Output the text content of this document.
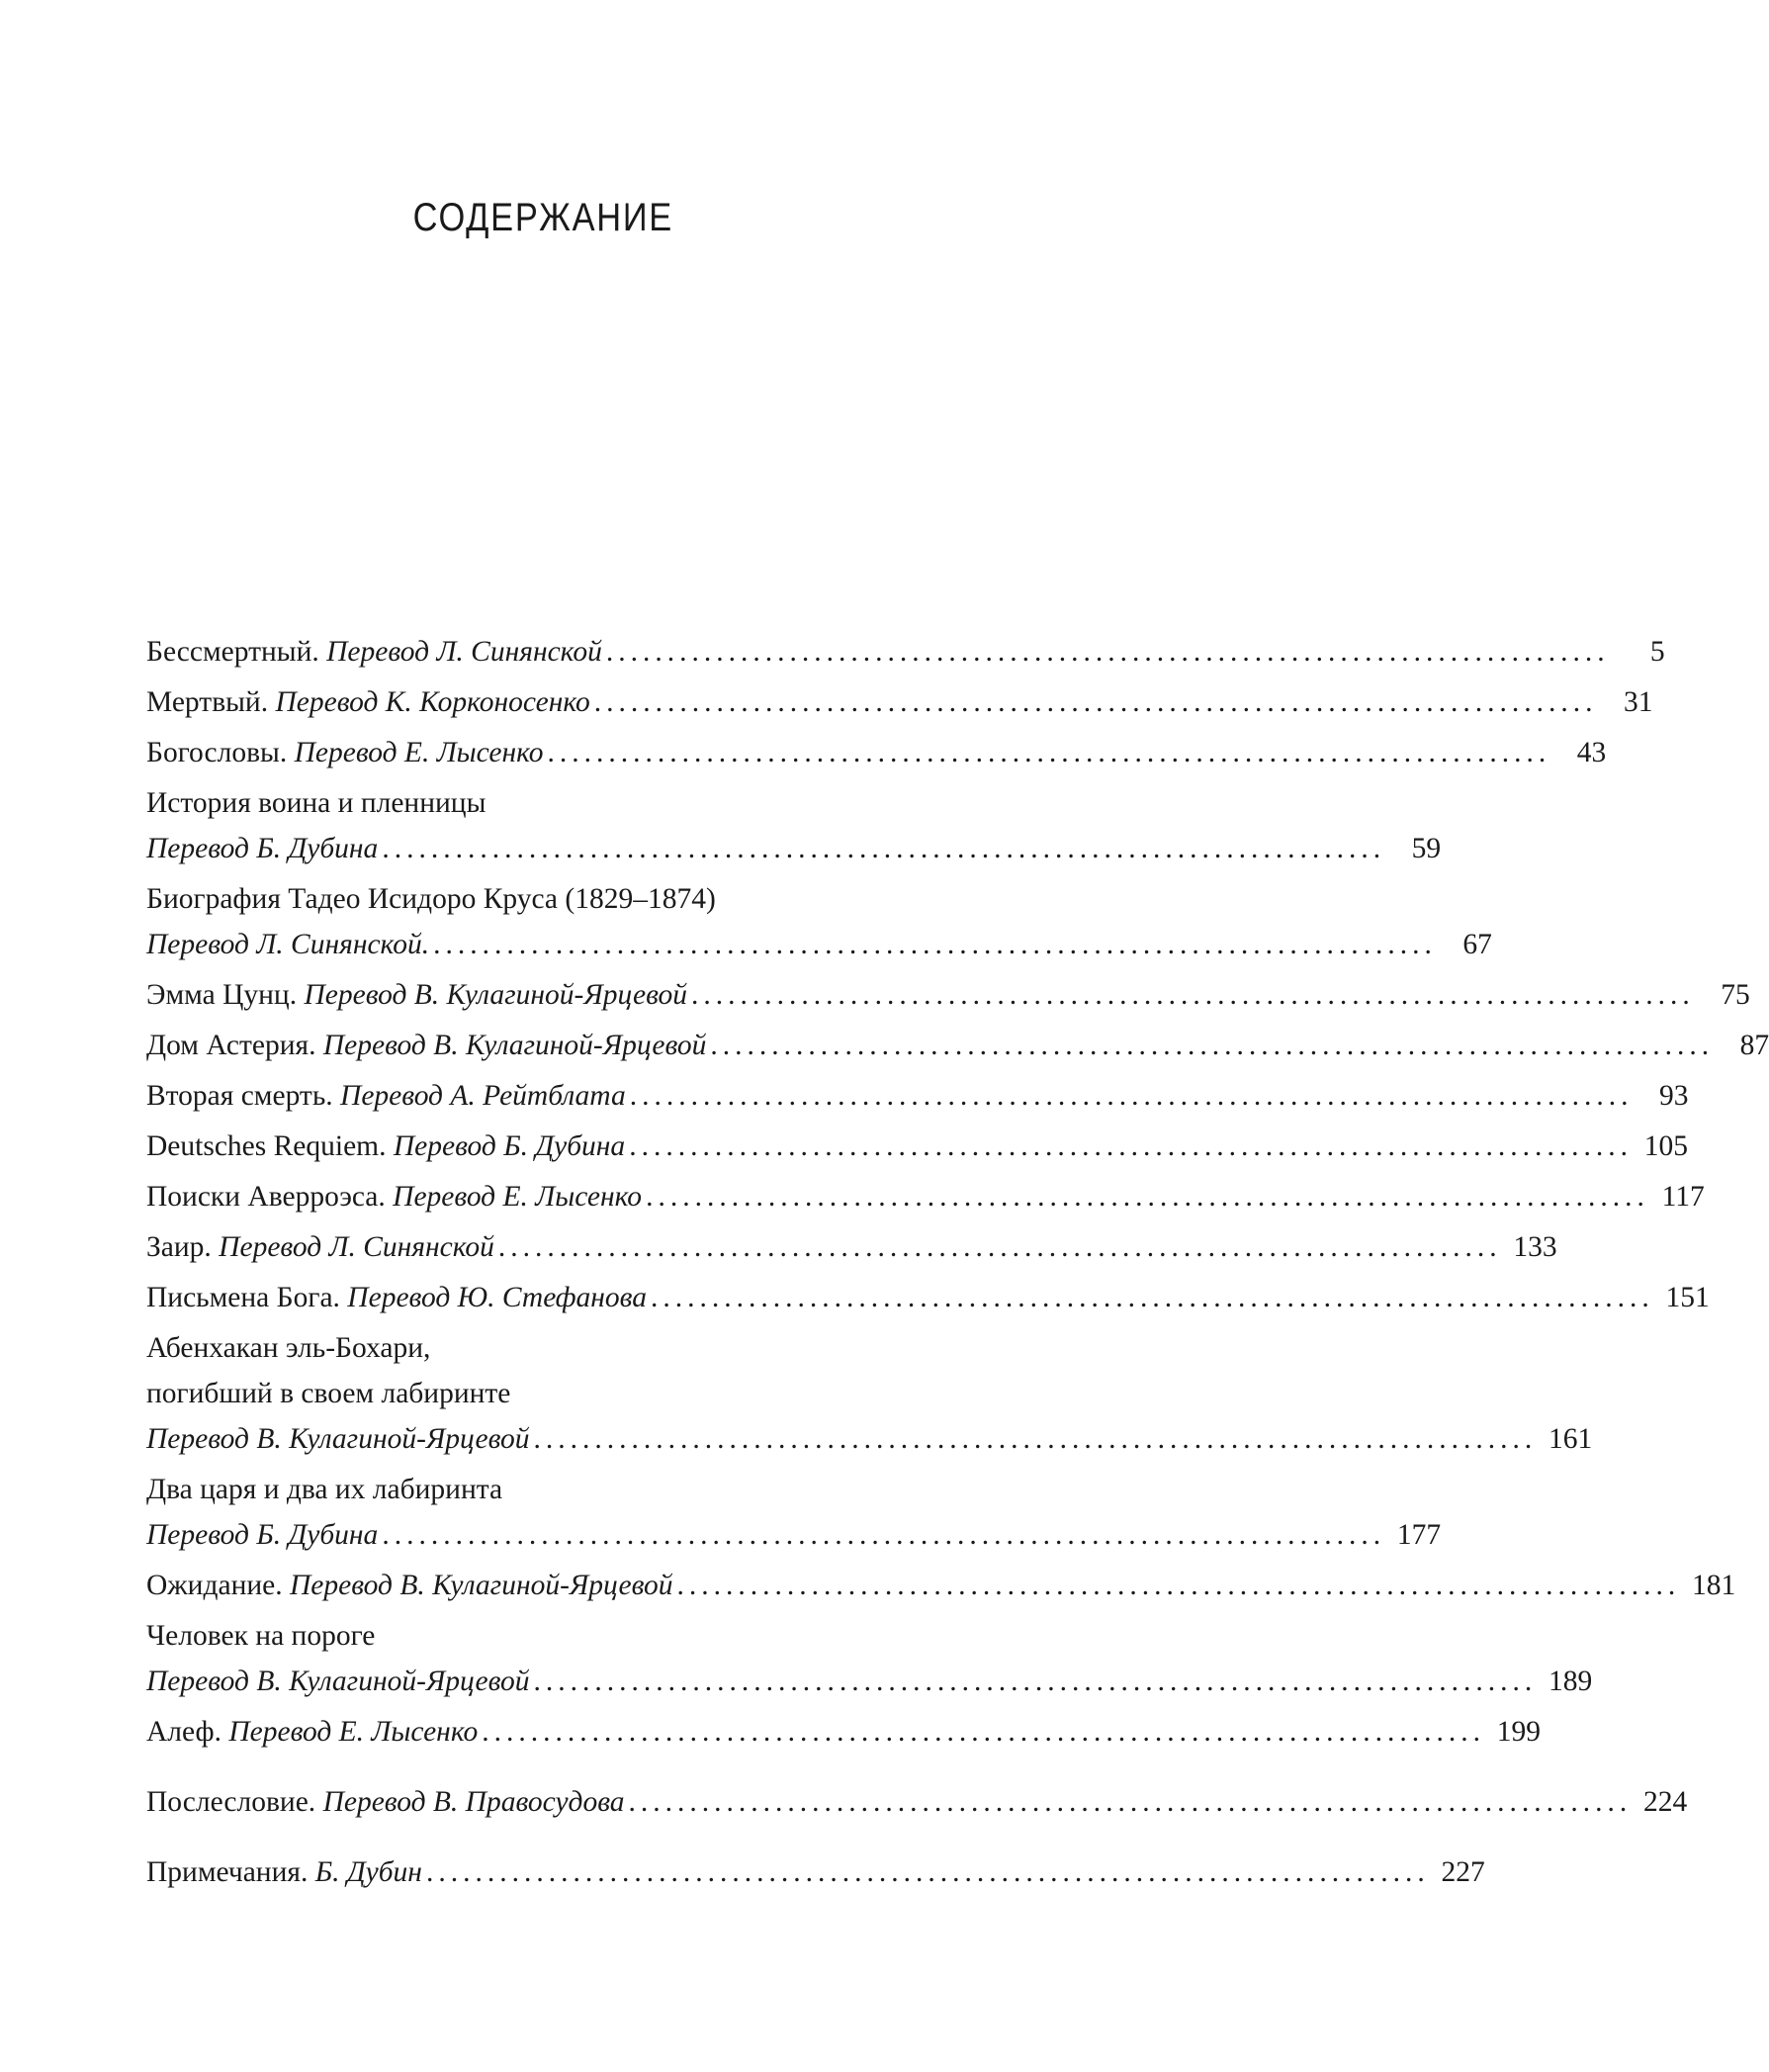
СОДЕРЖАНИЕ
Бессмертный.
Перевод Л. Синянской ..................................................................................	5
Мертвый.
Перевод К. Корконосенко .................................................................................. 31
Богословы.
Перевод Е. Лысенко .................................................................................. 43
История воина и пленницы
Перевод Б. Дубина .................................................................................. 59
Биография Тадео Исидоро Круса (1829–1874)
Перевод Л. Синянской. .................................................................................. 67
Эмма Цунц.
Перевод В. Кулагиной-Ярцевой .................................................................................. 75
Дом Астерия.
Перевод В. Кулагиной-Ярцевой .................................................................................. 87
Вторая смерть.
Перевод А. Рейтблата .................................................................................. 93
Deutsches Requiem.
Перевод Б. Дубина .................................................................................. 105
Поиски Аверроэса.
Перевод Е. Лысенко .................................................................................. 117
Заир.
Перевод Л. Синянской .................................................................................. 133
Письмена Бога.
Перевод Ю. Стефанова .................................................................................. 151
Абенхакан эль-Бохари,
погибший в своем лабиринте
Перевод В. Кулагиной-Ярцевой .................................................................................. 161
Два царя и два их лабиринта
Перевод Б. Дубина .................................................................................. 177
Ожидание.
Перевод В. Кулагиной-Ярцевой .................................................................................. 181
Человек на пороге
Перевод В. Кулагиной-Ярцевой .................................................................................. 189
Алеф.
Перевод Е. Лысенко .................................................................................. 199
Послесловие.
Перевод В. Правосудова .................................................................................. 224
Примечания.
Б. Дубин .................................................................................. 227
